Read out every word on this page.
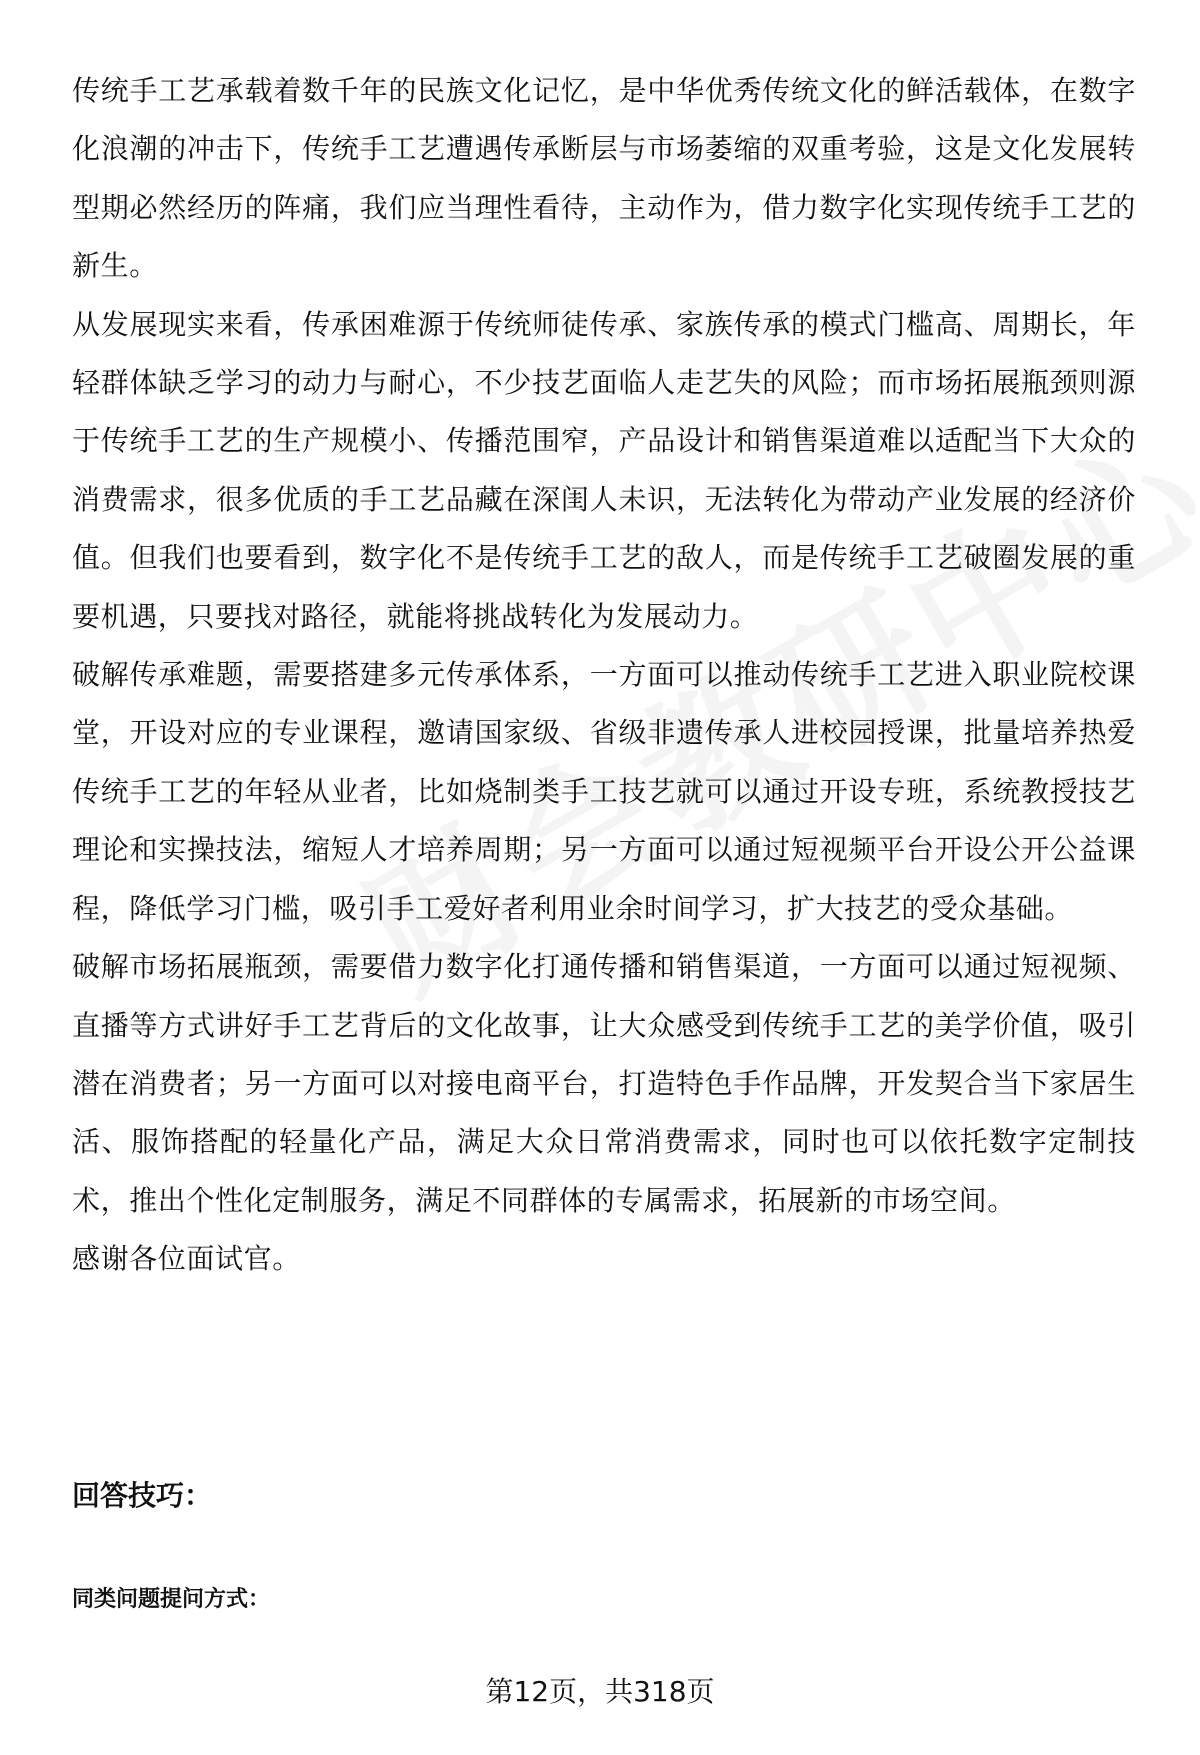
传统手工艺承载着数千年的民族文化记忆，是中华优秀传统文化的鲜活载体，在数字化浪潮的冲击下，传统手工艺遭遇传承断层与市场萎缩的双重考验，这是文化发展转型期必然经历的阵痛，我们应当理性看待，主动作为，借力数字化实现传统手工艺的新生。

从发展现实来看，传承困难源于传统师徒传承、家族传承的模式门槛高、周期长，年轻群体缺乏学习的动力与耐心，不少技艺面临人走艺失的风险；而市场拓展瓶颈则源于传统手工艺的生产规模小、传播范围窄，产品设计和销售渠道难以适配当下大众的消费需求，很多优质的手工艺品藏在深闺人未识，无法转化为带动产业发展的经济价值。但我们也要看到，数字化不是传统手工艺的敌人，而是传统手工艺破圈发展的重要机遇，只要找对路径，就能将挑战转化为发展动力。

破解传承难题，需要搭建多元传承体系，一方面可以推动传统手工艺进入职业院校课堂，开设对应的专业课程，邀请国家级、省级非遗传承人进校园授课，批量培养热爱传统手工艺的年轻从业者，比如烧制类手工技艺就可以通过开设专班，系统教授技艺理论和实操技法，缩短人才培养周期；另一方面可以通过短视频平台开设公开公益课程，降低学习门槛，吸引手工爱好者利用业余时间学习，扩大技艺的受众基础。

破解市场拓展瓶颈，需要借力数字化打通传播和销售渠道，一方面可以通过短视频、直播等方式讲好手工艺背后的文化故事，让大众感受到传统手工艺的美学价值，吸引潜在消费者；另一方面可以对接电商平台，打造特色手作品牌，开发契合当下家居生活、服饰搭配的轻量化产品，满足大众日常消费需求，同时也可以依托数字定制技术，推出个性化定制服务，满足不同群体的专属需求，拓展新的市场空间。

感谢各位面试官。

回答技巧：
同类问题提问方式：
第12页，共318页
